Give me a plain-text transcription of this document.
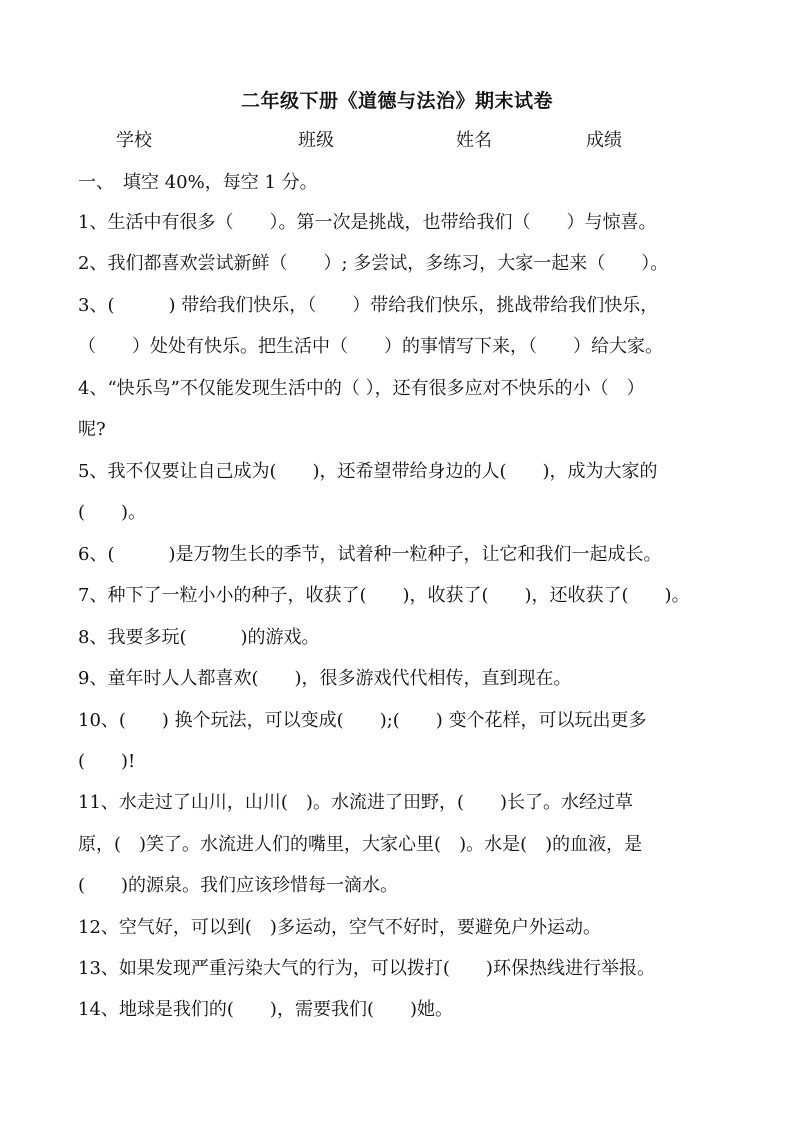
二年级下册《道德与法治》期末试卷
学校	班级	姓名	成绩
一、　填空 40%，每空 1 分。
1、生活中有很多（　　）。第一次是挑战，也带给我们（　　）与惊喜。
2、我们都喜欢尝试新鲜（　　）; 多尝试，多练习，大家一起来（　　）。
3、(　　　) 带给我们快乐，（　　）带给我们快乐，挑战带给我们快乐，
（　　）处处有快乐。把生活中（　　）的事情写下来，（　　）给大家。
4、“快乐鸟”不仅能发现生活中的（ ），还有很多应对不快乐的小（　）
呢?
5、我不仅要让自己成为(　　)，还希望带给身边的人(　　)，成为大家的
(　　)。
6、(　　　)是万物生长的季节，试着种一粒种子，让它和我们一起成长。
7、种下了一粒小小的种子，收获了(　　)，收获了(　　)，还收获了(　　)。
8、我要多玩(　　　)的游戏。
9、童年时人人都喜欢(　　)，很多游戏代代相传，直到现在。
10、(　　) 换个玩法，可以变成(　　);(　　) 变个花样，可以玩出更多
(　　)!
11、水走过了山川，山川(　)。水流进了田野，(　　)长了。水经过草
原，(　)笑了。水流进人们的嘴里，大家心里(　)。水是(　)的血液，是
(　　)的源泉。我们应该珍惜每一滴水。
12、空气好，可以到(　)多运动，空气不好时，要避免户外运动。
13、如果发现严重污染大气的行为，可以拨打(　　)环保热线进行举报。
14、地球是我们的(　　)，需要我们(　　)她。
